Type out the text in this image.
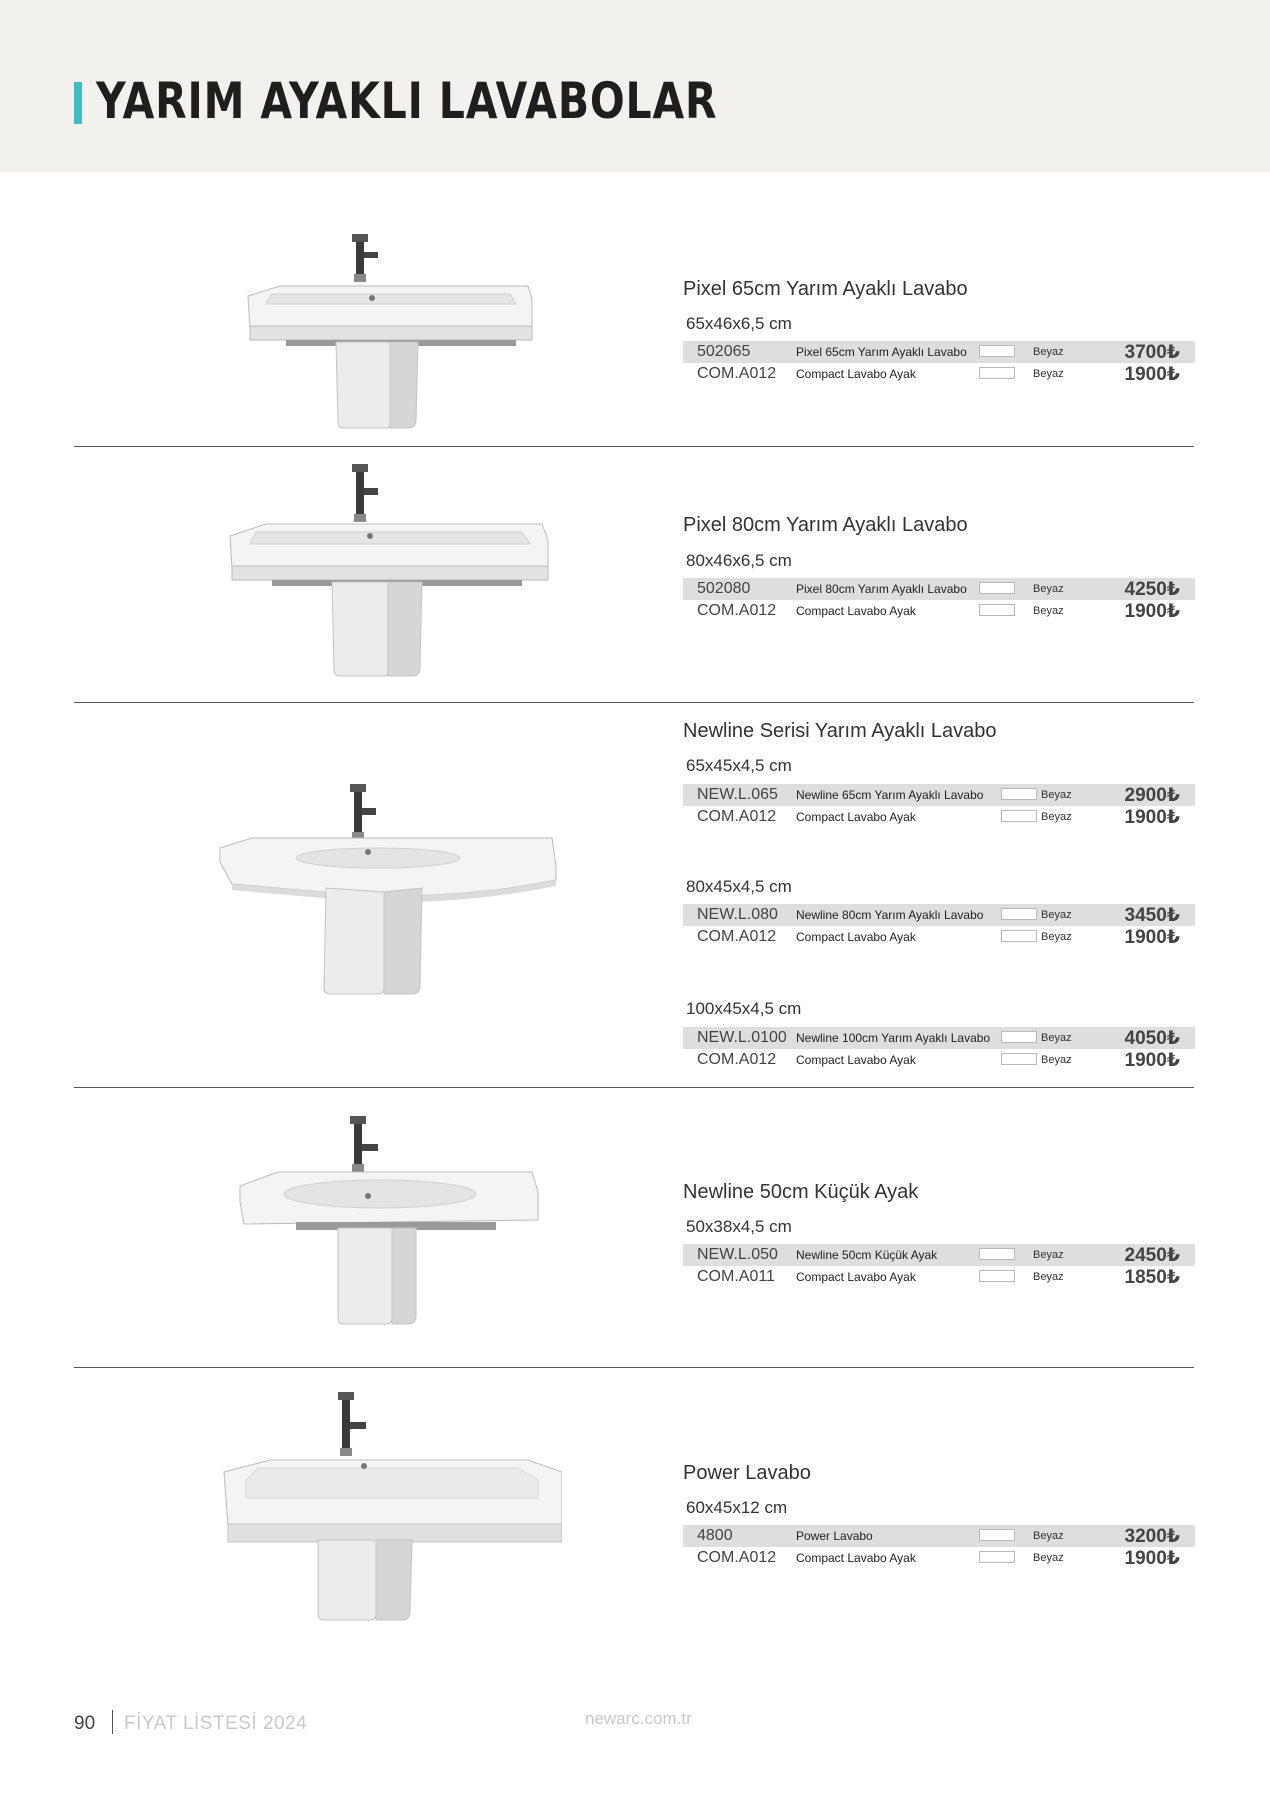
YARIM AYAKLI LAVABOLAR
Pixel 65cm Yarım Ayaklı Lavabo
65x46x6,5 cm
502065	Pixel 65cm Yarım Ayaklı Lavabo	Beyaz	3700₺
COM.A012 Compact Lavabo Ayak	Beyaz	1900₺
Pixel 80cm Yarım Ayaklı Lavabo
80x46x6,5 cm
502080	Pixel 80cm Yarım Ayaklı Lavabo	Beyaz	4250₺
COM.A012 Compact Lavabo Ayak	Beyaz	1900₺
Newline Serisi Yarım Ayaklı Lavabo
65x45x4,5 cm
NEW.L.065 Newline 65cm Yarım Ayaklı Lavabo	Beyaz	2900₺
COM.A012 Compact Lavabo Ayak	Beyaz	1900₺
80x45x4,5 cm
NEW.L.080 Newline 80cm Yarım Ayaklı Lavabo	Beyaz	3450₺
COM.A012 Compact Lavabo Ayak	Beyaz	1900₺
100x45x4,5 cm
NEW.L.0100 Newline 100cm Yarım Ayaklı Lavabo	Beyaz	4050₺
COM.A012 Compact Lavabo Ayak	Beyaz	1900₺
Newline 50cm Küçük Ayak
50x38x4,5 cm
NEW.L.050 Newline 50cm Küçük Ayak	Beyaz	2450₺
COM.A011 Compact Lavabo Ayak	Beyaz	1850₺
Power Lavabo
60x45x12 cm
4800	Power Lavabo	Beyaz	3200₺
COM.A012 Compact Lavabo Ayak	Beyaz	1900₺
90 FİYAT LİSTESİ 2024	newarc.com.tr
